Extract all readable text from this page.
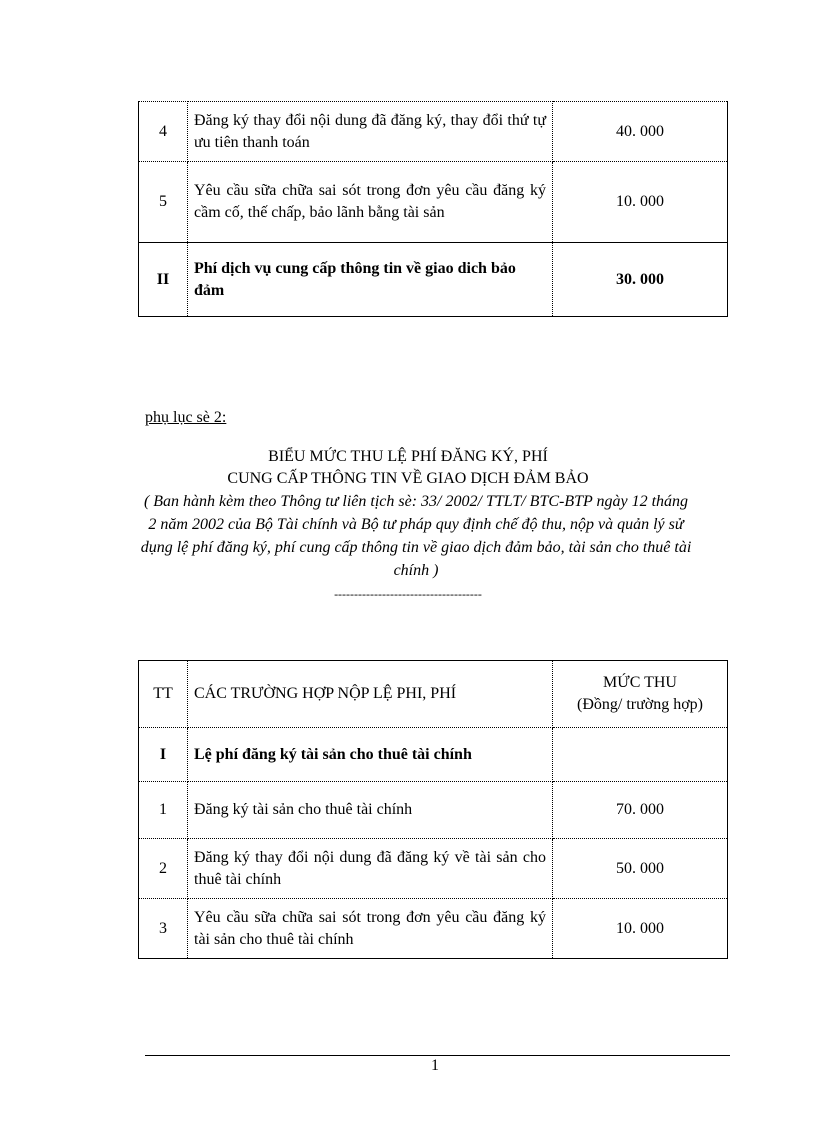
4	Đăng ký thay đổi nội dung đã đăng ký, thay đổi thứ tự ưu tiên thanh toán	40. 000
5	Yêu cầu sữa chữa sai sót trong đơn yêu cầu đăng ký cầm cố, thế chấp, bảo lãnh bằng tài sản	10. 000
II	Phí dịch vụ cung cấp thông tin về giao dich bảo đảm	30. 000
phụ lục sè 2:
BIỂU MỨC THU LỆ PHÍ ĐĂNG KÝ, PHÍ
CUNG CẤP THÔNG TIN VỀ GIAO DỊCH ĐẢM BẢO
( Ban hành kèm theo Thông tư liên tịch sè: 33/ 2002/ TTLT/ BTC-BTP ngày 12 tháng 2 năm 2002 của Bộ Tài chính và Bộ tư pháp quy định chế độ thu, nộp và quản lý sử dụng lệ phí đăng ký, phí cung cấp thông tin về giao dịch đảm bảo, tài sản cho thuê tài chính )
-------------------------------------
TT	CÁC TRƯỜNG HỢP NỘP LỆ PHI, PHÍ	MỨC THU
(Đồng/ trường hợp)

I	Lệ phí đăng ký tài sản cho thuê tài chính	
1	Đăng ký tài sản cho thuê tài chính	70. 000
2	Đăng ký thay đổi nội dung đã đăng ký về tài sản cho thuê tài chính	50. 000
3	Yêu cầu sữa chữa sai sót trong đơn yêu cầu đăng ký tài sản cho thuê tài chính	10. 000
1
